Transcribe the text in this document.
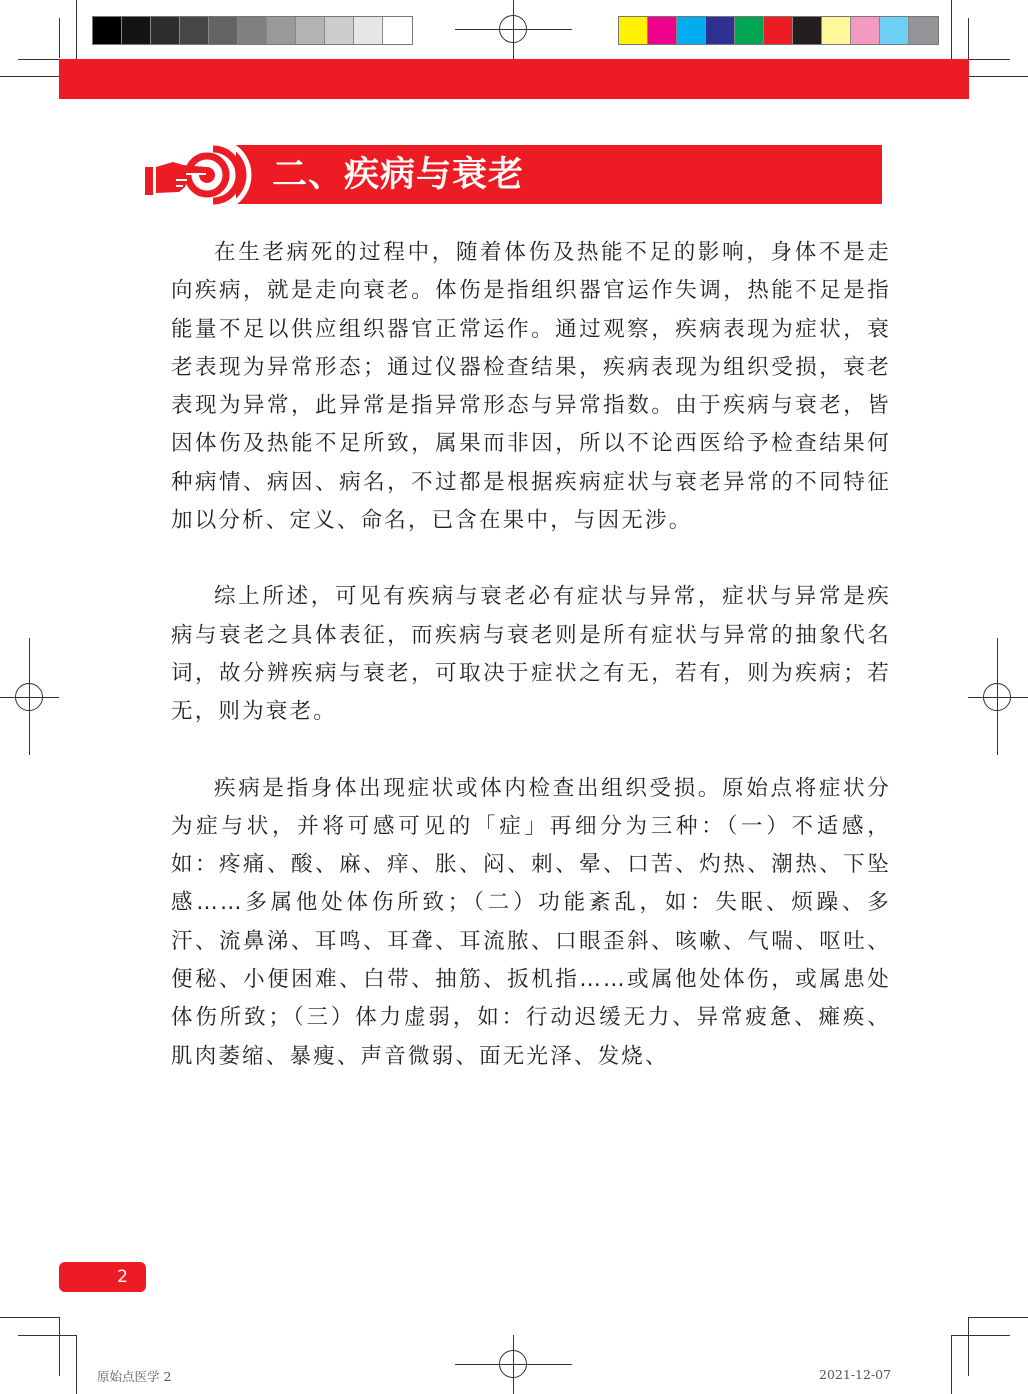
二、疾病与衰老

在生老病死的过程中，随着体伤及热能不足的影响，身体不是走向疾病，就是走向衰老。体伤是指组织器官运作失调，热能不足是指能量不足以供应组织器官正常运作。通过观察，疾病表现为症状，衰老表现为异常形态；通过仪器检查结果，疾病表现为组织受损，衰老表现为异常，此异常是指异常形态与异常指数。由于疾病与衰老，皆因体伤及热能不足所致，属果而非因，所以不论西医给予检查结果何种病情、病因、病名，不过都是根据疾病症状与衰老异常的不同特征加以分析、定义、命名，已含在果中，与因无涉。

综上所述，可见有疾病与衰老必有症状与异常，症状与异常是疾病与衰老之具体表征，而疾病与衰老则是所有症状与异常的抽象代名词，故分辨疾病与衰老，可取决于症状之有无，若有，则为疾病；若无，则为衰老。

疾病是指身体出现症状或体内检查出组织受损。原始点将症状分为症与状，并将可感可见的「症」再细分为三种：（一）不适感，如：疼痛、酸、麻、痒、胀、闷、刺、晕、口苦、灼热、潮热、下坠感……多属他处体伤所致；（二）功能紊乱，如：失眠、烦躁、多汗、流鼻涕、耳鸣、耳聋、耳流脓、口眼歪斜、咳嗽、气喘、呕吐、便秘、小便困难、白带、抽筋、扳机指……或属他处体伤，或属患处体伤所致；（三）体力虚弱，如：行动迟缓无力、异常疲惫、瘫痪、肌肉萎缩、暴瘦、声音微弱、面无光泽、发烧、

2
原始点医学 2	2021-12-07
